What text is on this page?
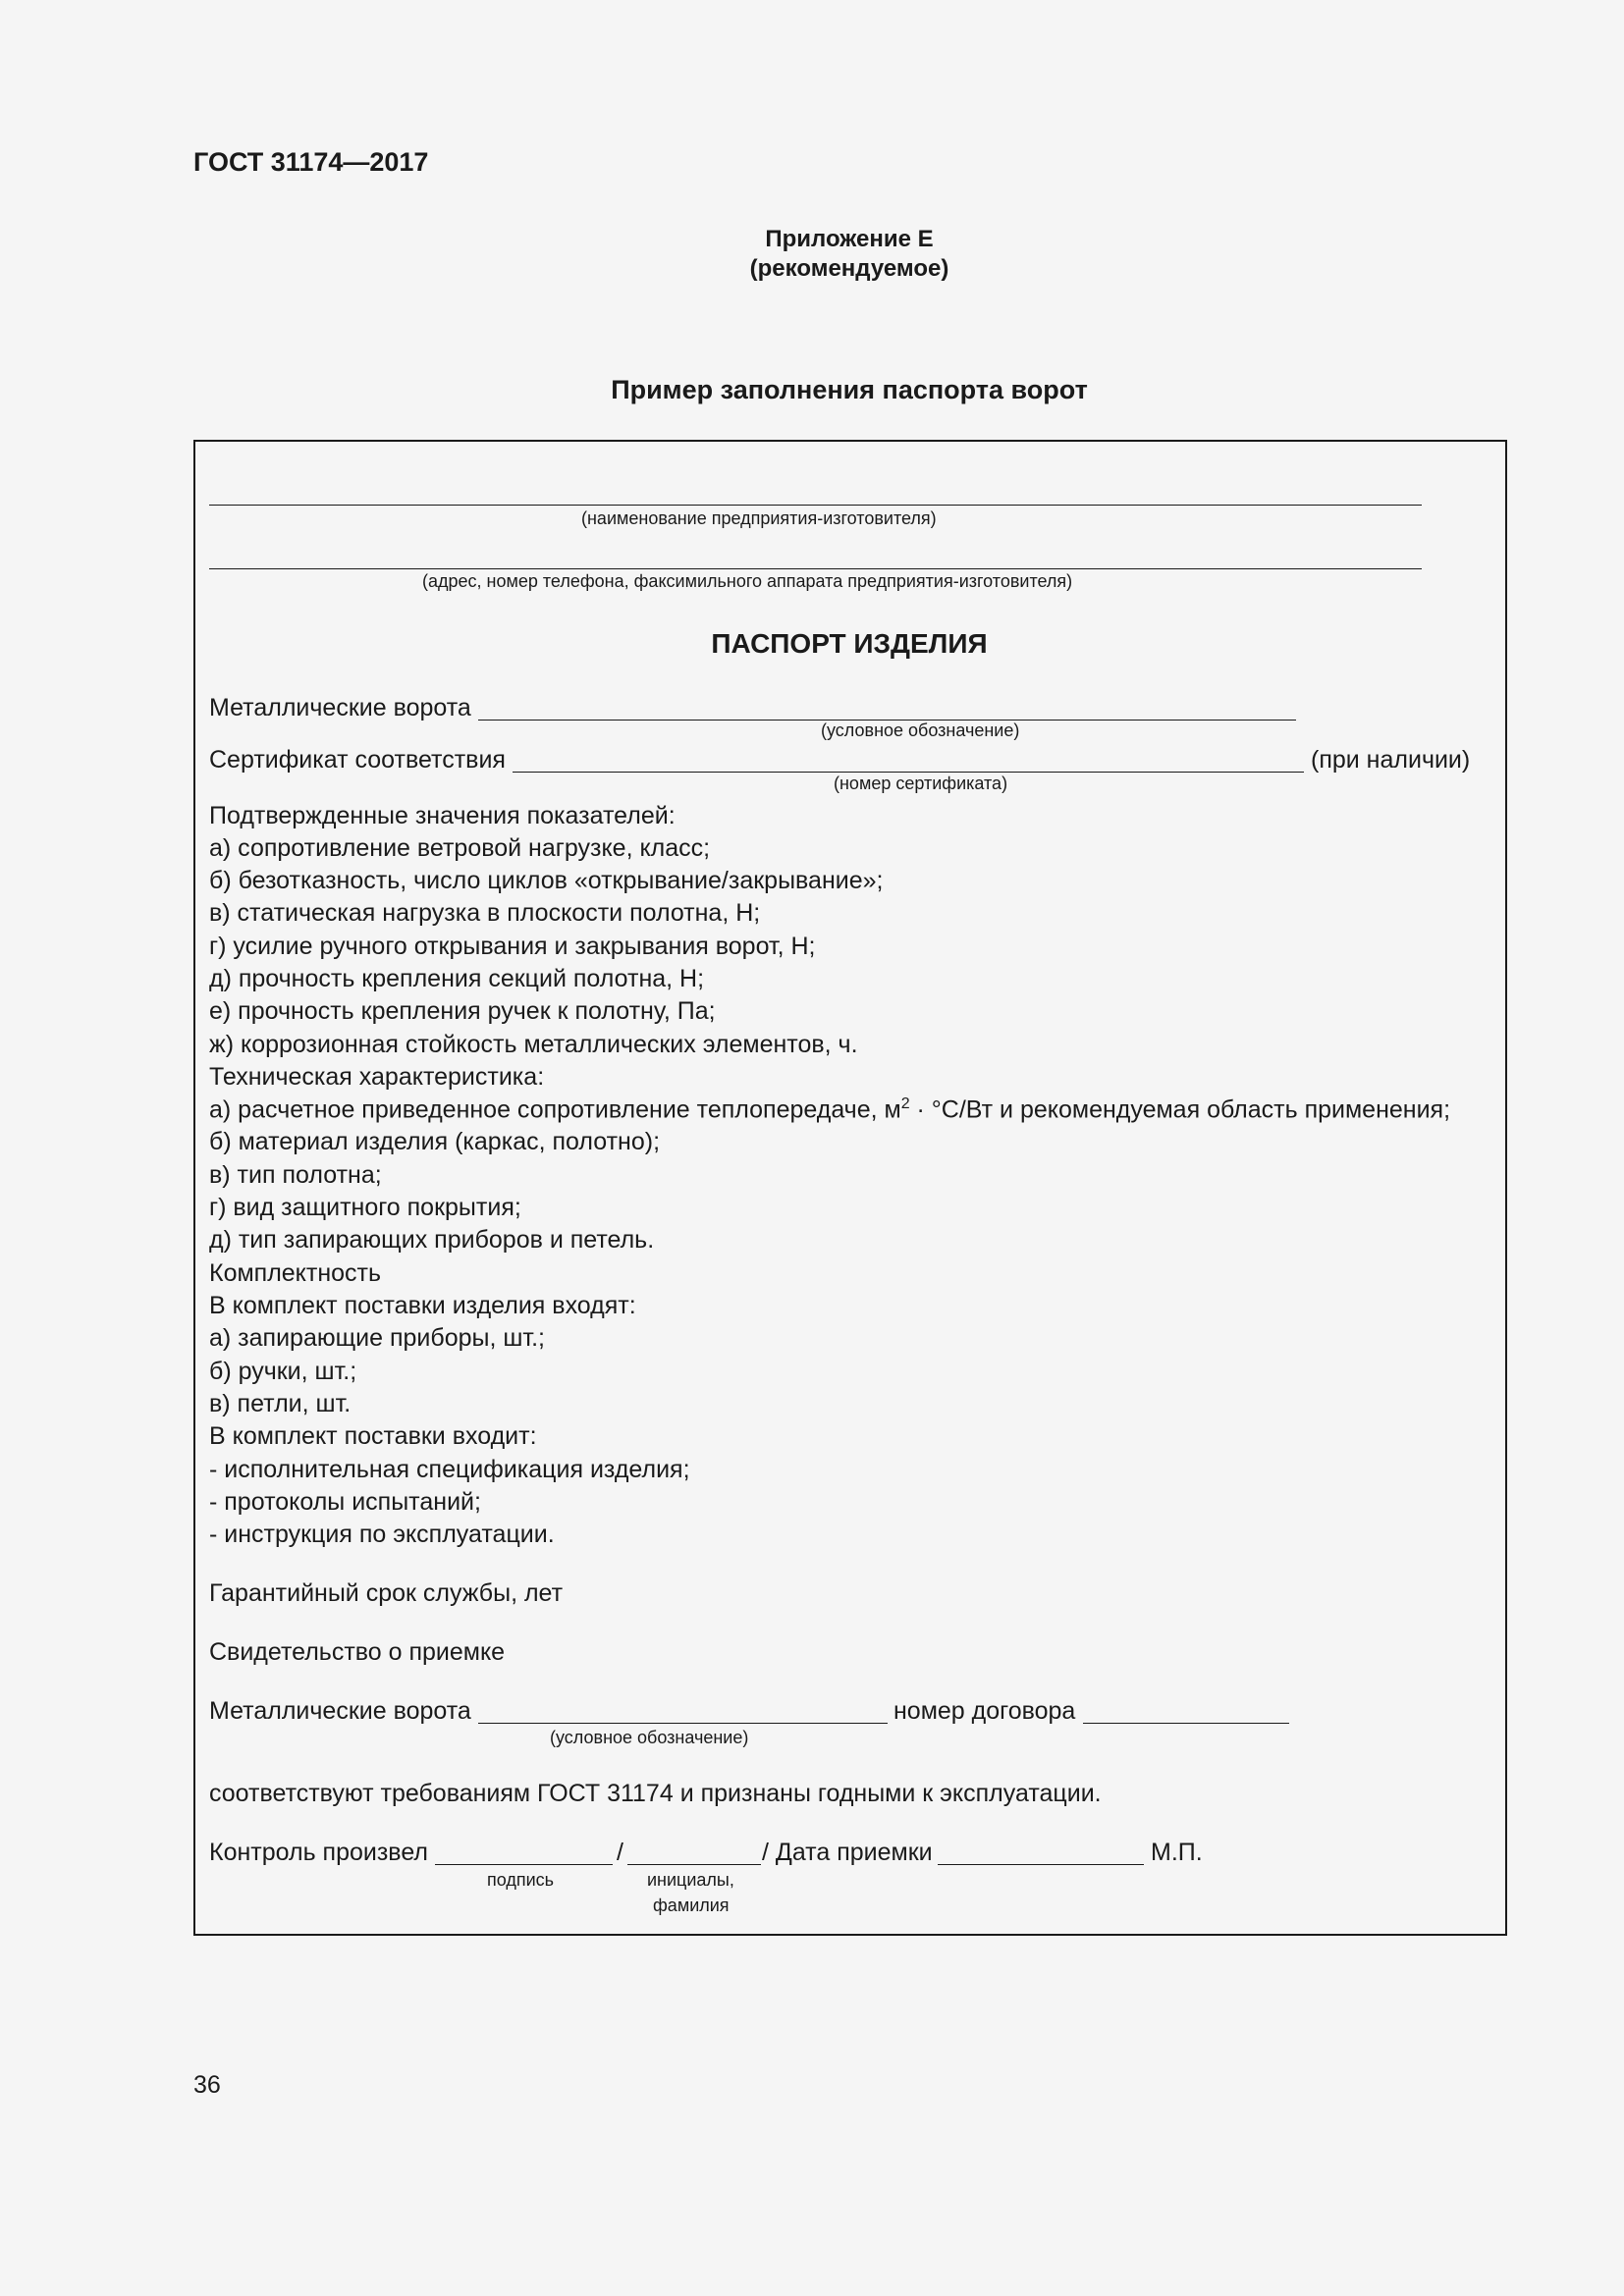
ГОСТ 31174—2017
Приложение Е
(рекомендуемое)
Пример заполнения паспорта ворот
(наименование предприятия-изготовителя)
(адрес, номер телефона, факсимильного аппарата предприятия-изготовителя)
ПАСПОРТ ИЗДЕЛИЯ
Металлические ворота
(условное обозначение)
Сертификат соответствия	(при наличии)
(номер сертификата)
Подтвержденные значения показателей:
а) сопротивление ветровой нагрузке, класс;
б) безотказность, число циклов «открывание/закрывание»;
в) статическая нагрузка в плоскости полотна, Н;
г) усилие ручного открывания и закрывания ворот, Н;
д) прочность крепления секций полотна, Н;
е) прочность крепления ручек к полотну, Па;
ж) коррозионная стойкость металлических элементов, ч.
Техническая характеристика:
а) расчетное приведенное сопротивление теплопередаче, $м^2 \cdot ^\circ С/Вт$ и рекомендуемая область применения;
б) материал изделия (каркас, полотно);
в) тип полотна;
г) вид защитного покрытия;
д) тип запирающих приборов и петель.
Комплектность
В комплект поставки изделия входят:
а) запирающие приборы, шт.;
б) ручки, шт.;
в) петли, шт.
В комплект поставки входит:
- исполнительная спецификация изделия;
- протоколы испытаний;
- инструкция по эксплуатации.
Гарантийный срок службы, лет
Свидетельство о приемке
Металлические ворота	номер договора
(условное обозначение)
соответствуют требованиям ГОСТ 31174 и признаны годными к эксплуатации.
Контроль произвел	/	/ Дата приемки	М.П.
подпись	инициалы,
фамилия
36
